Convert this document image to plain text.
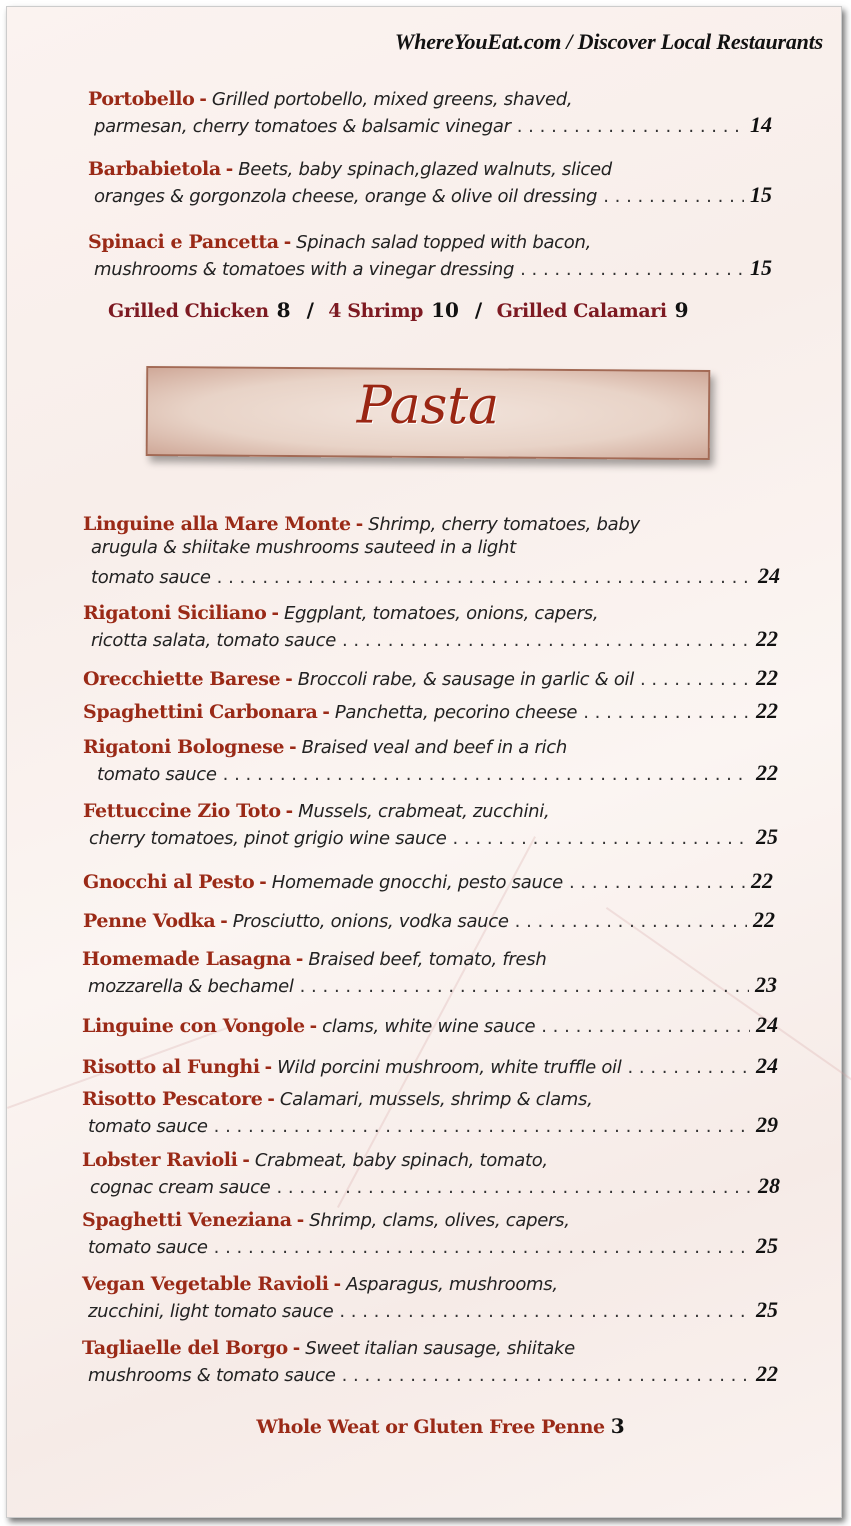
WhereYouEat.com / Discover Local Restaurants
Portobello - Grilled portobello, mixed greens, shaved,
parmesan, cherry tomatoes & balsamic vinegar . . .	14
Barbabietola - Beets, baby spinach,glazed walnuts, sliced
oranges & gorgonzola cheese, orange & olive oil dressing . . .	15
Spinaci e Pancetta - Spinach salad topped with bacon,
mushrooms & tomatoes with a vinegar dressing . . .	15
Grilled Chicken 8 / 4 Shrimp 10 / Grilled Calamari 9
Pasta
Linguine alla Mare Monte - Shrimp, cherry tomatoes, baby
arugula & shiitake mushrooms sauteed in a light
tomato sauce . . .	24
Rigatoni Siciliano - Eggplant, tomatoes, onions, capers,
ricotta salata, tomato sauce . . .	22
Orecchiette Barese - Broccoli rabe, & sausage in garlic & oil . . .	22
Spaghettini Carbonara - Panchetta, pecorino cheese . . .	22
Rigatoni Bolognese - Braised veal and beef in a rich
tomato sauce . . .	22
Fettuccine Zio Toto - Mussels, crabmeat, zucchini,
cherry tomatoes, pinot grigio wine sauce . . .	25
Gnocchi al Pesto - Homemade gnocchi, pesto sauce . . .	22
Penne Vodka - Prosciutto, onions, vodka sauce . . .	22
Homemade Lasagna - Braised beef, tomato, fresh
mozzarella & bechamel . . .	23
Linguine con Vongole - clams, white wine sauce . . .	24
Risotto al Funghi - Wild porcini mushroom, white truffle oil . . .	24
Risotto Pescatore - Calamari, mussels, shrimp & clams,
tomato sauce . . .	29
Lobster Ravioli - Crabmeat, baby spinach, tomato,
cognac cream sauce . . .	28
Spaghetti Veneziana - Shrimp, clams, olives, capers,
tomato sauce . . .	25
Vegan Vegetable Ravioli - Asparagus, mushrooms,
zucchini, light tomato sauce . . .	25
Tagliaelle del Borgo - Sweet italian sausage, shiitake
mushrooms & tomato sauce . . .	22
Whole Weat or Gluten Free Penne 3
